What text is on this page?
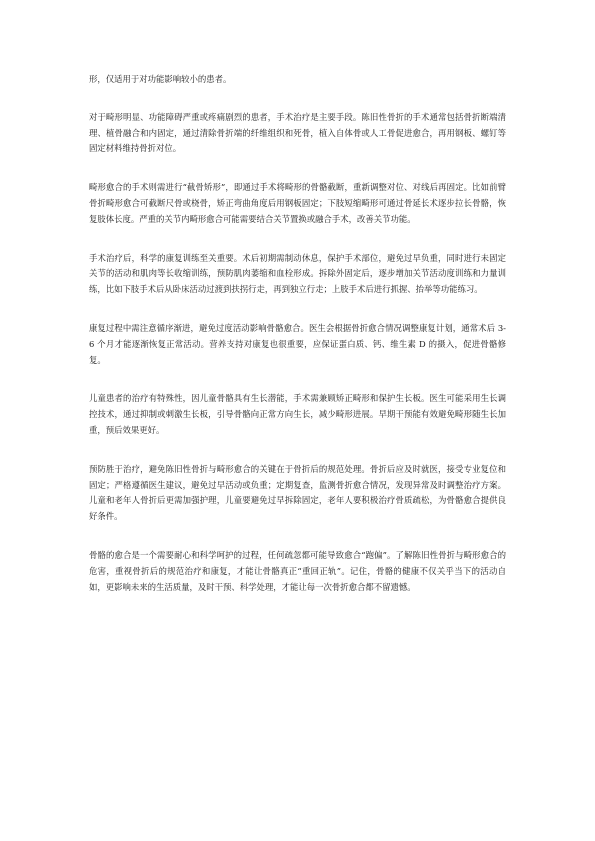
形，仅适用于对功能影响较小的患者。

对于畸形明显、功能障碍严重或疼痛剧烈的患者，手术治疗是主要手段。陈旧性骨折的手术通常包括骨折断端清理、植骨融合和内固定，通过清除骨折端的纤维组织和死骨，植入自体骨或人工骨促进愈合，再用钢板、螺钉等固定材料维持骨折对位。

畸形愈合的手术则需进行“截骨矫形”，即通过手术将畸形的骨骼截断，重新调整对位、对线后再固定。比如前臂骨折畸形愈合可截断尺骨或桡骨，矫正弯曲角度后用钢板固定；下肢短缩畸形可通过骨延长术逐步拉长骨骼，恢复肢体长度。严重的关节内畸形愈合可能需要结合关节置换或融合手术，改善关节功能。

手术治疗后，科学的康复训练至关重要。术后初期需制动休息，保护手术部位，避免过早负重，同时进行未固定关节的活动和肌肉等长收缩训练，预防肌肉萎缩和血栓形成。拆除外固定后，逐步增加关节活动度训练和力量训练，比如下肢手术后从卧床活动过渡到扶拐行走，再到独立行走；上肢手术后进行抓握、抬举等功能练习。

康复过程中需注意循序渐进，避免过度活动影响骨骼愈合。医生会根据骨折愈合情况调整康复计划，通常术后 3-6 个月才能逐渐恢复正常活动。营养支持对康复也很重要，应保证蛋白质、钙、维生素 D 的摄入，促进骨骼修复。

儿童患者的治疗有特殊性，因儿童骨骼具有生长潜能，手术需兼顾矫正畸形和保护生长板。医生可能采用生长调控技术，通过抑制或刺激生长板，引导骨骼向正常方向生长，减少畸形进展。早期干预能有效避免畸形随生长加重，预后效果更好。

预防胜于治疗，避免陈旧性骨折与畸形愈合的关键在于骨折后的规范处理。骨折后应及时就医，接受专业复位和固定；严格遵循医生建议，避免过早活动或负重；定期复查，监测骨折愈合情况，发现异常及时调整治疗方案。儿童和老年人骨折后更需加强护理，儿童要避免过早拆除固定，老年人要积极治疗骨质疏松，为骨骼愈合提供良好条件。

骨骼的愈合是一个需要耐心和科学呵护的过程，任何疏忽都可能导致愈合“跑偏”。了解陈旧性骨折与畸形愈合的危害，重视骨折后的规范治疗和康复，才能让骨骼真正“重回正轨”。记住，骨骼的健康不仅关乎当下的活动自如，更影响未来的生活质量，及时干预、科学处理，才能让每一次骨折愈合都不留遗憾。
